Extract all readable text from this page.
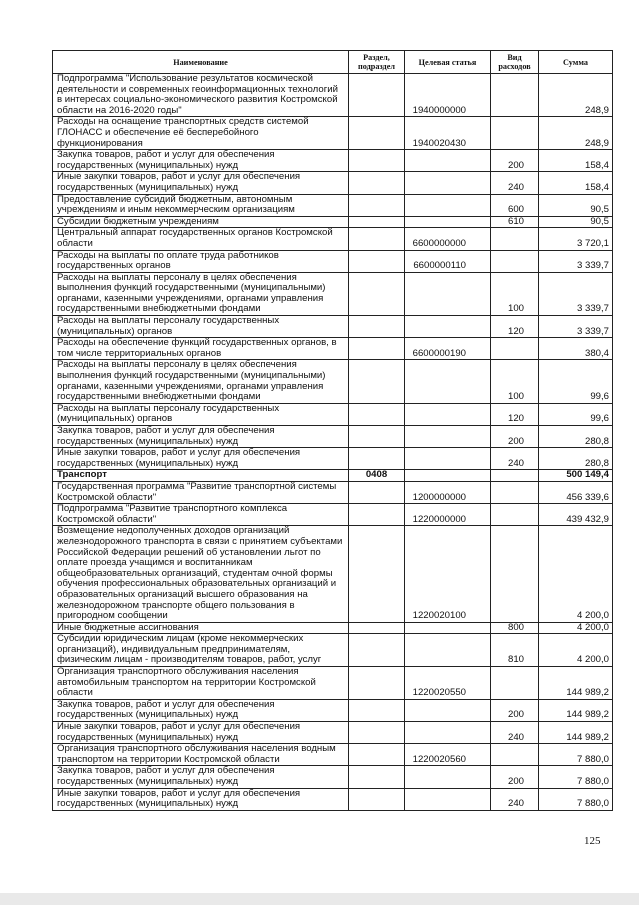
Наименование	Раздел, подраздел	Целевая статья	Вид расходов	Сумма
Подпрограмма "Использование результатов космической деятельности и современных геоинформационных технологий в интересах социально-экономического развития Костромской области на 2016-2020 годы"		1940000000		248,9
Расходы на оснащение транспортных средств системой ГЛОНАСС и обеспечение её бесперебойного функционирования		1940020430		248,9
Закупка товаров, работ и услуг для обеспечения государственных (муниципальных) нужд			200	158,4
Иные закупки товаров, работ и услуг для обеспечения государственных (муниципальных) нужд			240	158,4
Предоставление субсидий бюджетным, автономным учреждениям и иным некоммерческим организациям			600	90,5
Субсидии бюджетным учреждениям			610	90,5
Центральный аппарат государственных органов Костромской области		6600000000		3 720,1
Расходы на выплаты по оплате труда работников государственных органов		6600000110		3 339,7
Расходы на выплаты персоналу в целях обеспечения выполнения функций государственными (муниципальными) органами, казенными учреждениями, органами управления государственными внебюджетными фондами			100	3 339,7
Расходы на выплаты персоналу государственных (муниципальных) органов			120	3 339,7
Расходы на обеспечение функций государственных органов, в том числе территориальных органов		6600000190		380,4
Расходы на выплаты персоналу в целях обеспечения выполнения функций государственными (муниципальными) органами, казенными учреждениями, органами управления государственными внебюджетными фондами			100	99,6
Расходы на выплаты персоналу государственных (муниципальных) органов			120	99,6
Закупка товаров, работ и услуг для обеспечения государственных (муниципальных) нужд			200	280,8
Иные закупки товаров, работ и услуг для обеспечения государственных (муниципальных) нужд			240	280,8
Транспорт	0408			500 149,4
Государственная программа "Развитие транспортной системы Костромской области"		1200000000		456 339,6
Подпрограмма "Развитие транспортного комплекса Костромской области"		1220000000		439 432,9
Возмещение недополученных доходов организаций железнодорожного транспорта в связи с принятием субъектами Российской Федерации решений об установлении льгот по оплате проезда учащимся и воспитанникам общеобразовательных организаций, студентам очной формы обучения профессиональных образовательных организаций и образовательных организаций высшего образования на железнодорожном транспорте общего пользования в пригородном сообщении		1220020100		4 200,0
Иные бюджетные ассигнования			800	4 200,0
Субсидии юридическим лицам (кроме некоммерческих организаций), индивидуальным предпринимателям, физическим лицам - производителям товаров, работ, услуг			810	4 200,0
Организация транспортного обслуживания населения автомобильным транспортом на территории Костромской области		1220020550		144 989,2
Закупка товаров, работ и услуг для обеспечения государственных (муниципальных) нужд			200	144 989,2
Иные закупки товаров, работ и услуг для обеспечения государственных (муниципальных) нужд			240	144 989,2
Организация транспортного обслуживания населения водным транспортом на территории Костромской области		1220020560		7 880,0
Закупка товаров, работ и услуг для обеспечения государственных (муниципальных) нужд			200	7 880,0
Иные закупки товаров, работ и услуг для обеспечения государственных (муниципальных) нужд			240	7 880,0
125
